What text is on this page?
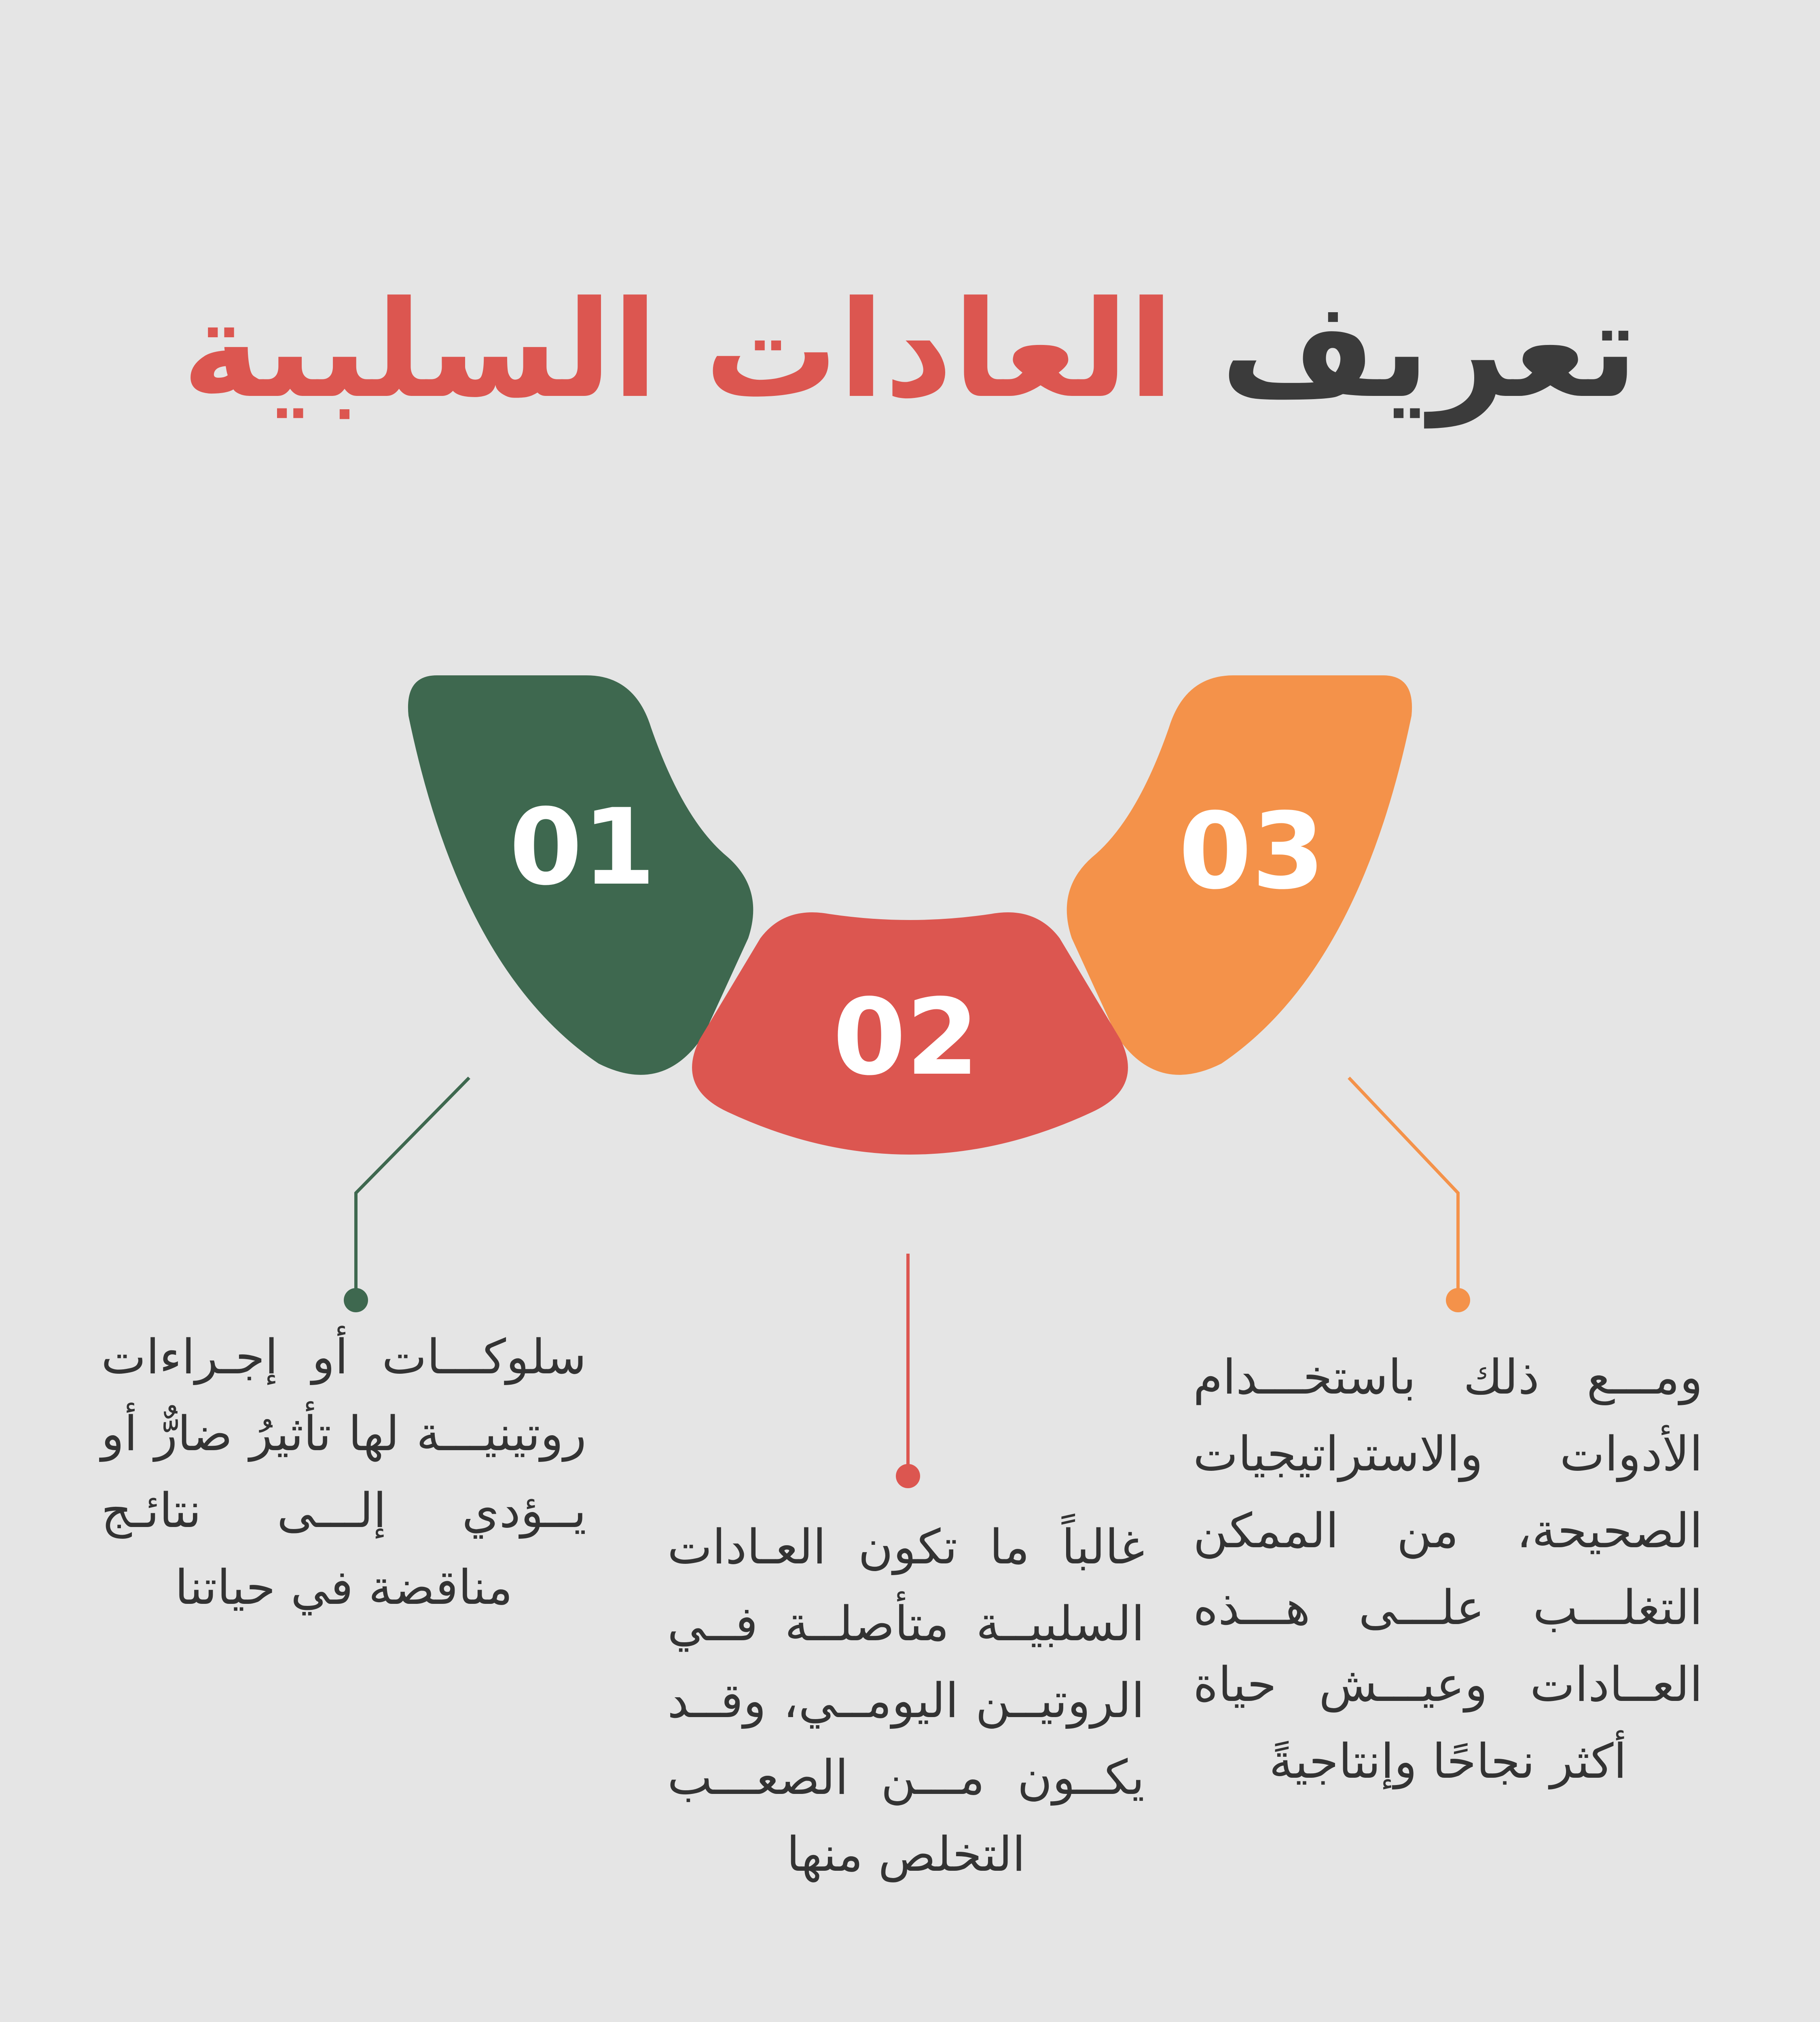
تعريف العادات السلبية
01
02
03
سلوكـــات أو إجـراءات روتينيـــة لها تأثيرُ ضارٌّ أو يــؤدي إلـــى نتائـج مناقضة في حياتنا
غالباً ما تكون العـادات السلبيــة متأصلــة فــي الروتيــن اليومــي، وقــد يكــون مـــن الصعـــب التخلص منها
ومـــع ذلك باستخـــدام الأدوات والاستراتيجيات الصحيحة، من الممكن التغلـــب علـــى هـــذه العــادات وعيـــش حياة أكثر نجاحًا وإنتاجيةً
